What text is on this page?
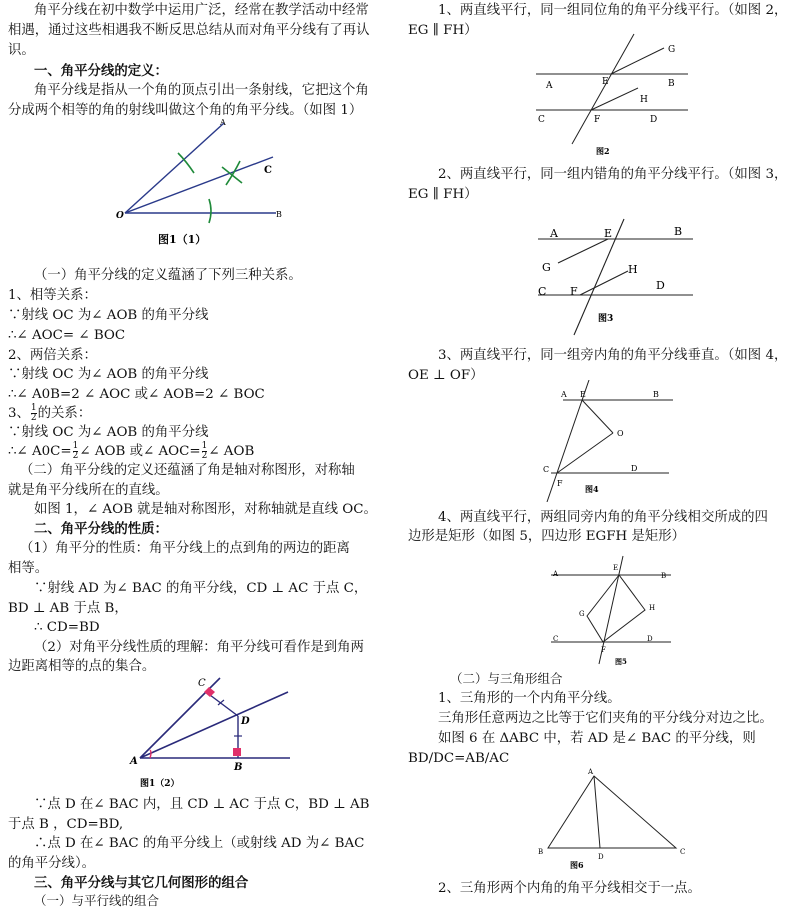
角平分线在初中数学中运用广泛，经常在教学活动中经常
相遇，通过这些相遇我不断反思总结从而对角平分线有了再认
识。
一、角平分线的定义：
角平分线是指从一个角的顶点引出一条射线，它把这个角
分成两个相等的角的射线叫做这个角的角平分线。（如图 1）
A
C
O	B
图1（1）
（一）角平分线的定义蕴涵了下列三种关系。
1、相等关系：
∵射线 OC 为∠ AOB 的角平分线
∴∠ AOC= ∠ BOC
2、两倍关系：
∵射线 OC 为∠ AOB 的角平分线
∴∠ A0B=2 ∠ AOC 或∠ AOB=2 ∠ BOC
3、 $\frac{1}{2}$ 的关系：
∵射线 OC 为∠ AOB 的角平分线
∴∠ $A0C= \frac{1}{2}$ ∠ AOB 或∠ $AOC= \frac{1}{2}$ ∠ AOB
（二）角平分线的定义还蕴涵了角是轴对称图形，对称轴
就是角平分线所在的直线。
如图 1，∠ AOB 就是轴对称图形，对称轴就是直线 OC。
二、角平分线的性质：
（1）角平分的性质：角平分线上的点到角的两边的距离
相等。
∵射线 AD 为∠ BAC 的角平分线，CD ⊥ AC 于点 C，
BD ⊥ AB 于点 B，
∴ CD=BD
（2）对角平分线性质的理解：角平分线可看作是到角两
边距离相等的点的集合。
C
D
A
B
图1（2）
∵点 D 在∠ BAC 内，且 CD ⊥ AC 于点 C，BD ⊥ AB
于点 B ，CD=BD,
∴点 D 在∠ BAC 的角平分线上（或射线 AD 为∠ BAC
的角平分线）。
三、角平分线与其它几何图形的组合
（一）与平行线的组合
1、两直线平行，同一组同位角的角平分线平行。（如图 2，
EG ∥ FH）
A	B
C	D
E
F
G
H
图2
2、两直线平行，同一组内错角的角平分线平行。（如图 3，
EG ∥ FH）
A	B
E
G	H
C F	D
图3
3、两直线平行，同一组旁内角的角平分线垂直。（如图 4，
OE ⊥ OF）
A E	B
O
C	D
F
图4
4、两直线平行，两组同旁内角的角平分线相交所成的四
边形是矩形（如图 5，四边形 EGFH 是矩形）
A
E
B
G
H
C	D
F
图5
（二）与三角形组合
1、三角形的一个内角平分线。
三角形任意两边之比等于它们夹角的平分线分对边之比。
如图 6 在 ΔABC 中，若 AD 是∠ BAC 的平分线，则
BD/DC=AB/AC
A
B
D
C
图6
2、三角形两个内角的角平分线相交于一点。
